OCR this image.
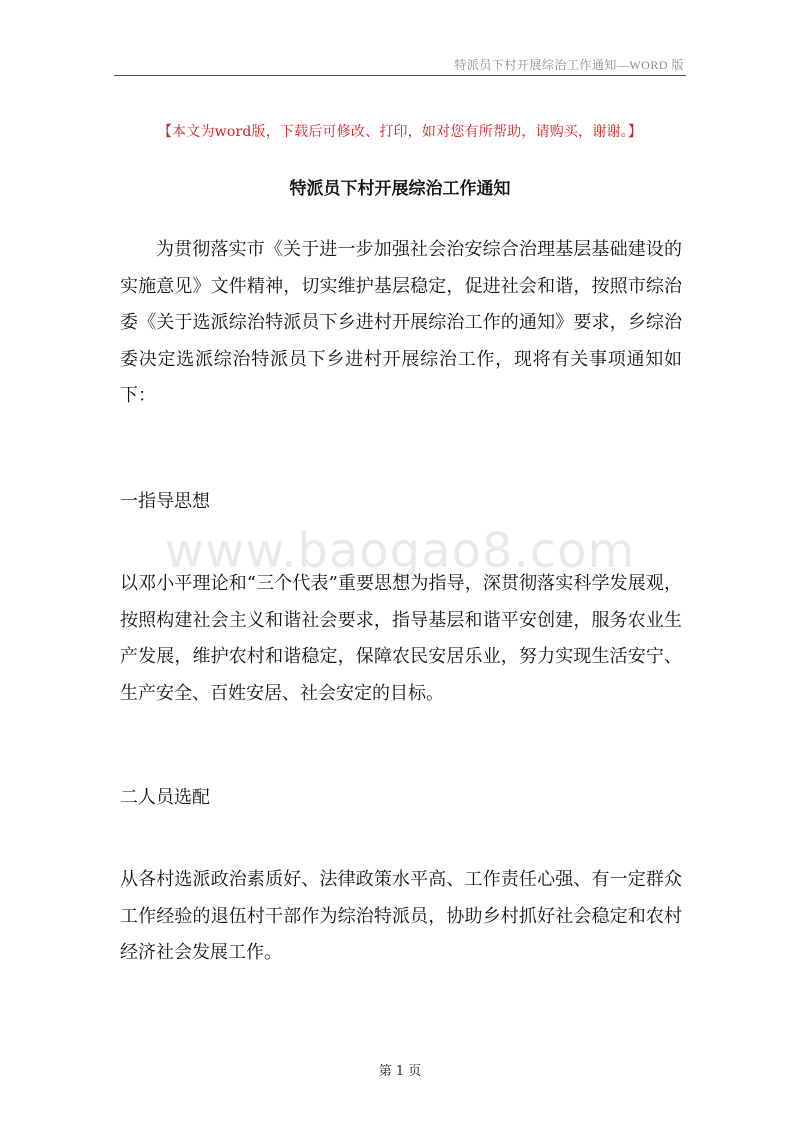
特派员下村开展综治工作通知—WORD 版
【本文为word版，下载后可修改、打印，如对您有所帮助，请购买，谢谢。】
特派员下村开展综治工作通知

为贯彻落实市《关于进一步加强社会治安综合治理基层基础建设的实施意见》文件精神，切实维护基层稳定，促进社会和谐，按照市综治委《关于选派综治特派员下乡进村开展综治工作的通知》要求，乡综治委决定选派综治特派员下乡进村开展综治工作，现将有关事项通知如下：

一指导思想

www.baogao8.com

以邓小平理论和“三个代表”重要思想为指导，深贯彻落实科学发展观，按照构建社会主义和谐社会要求，指导基层和谐平安创建，服务农业生产发展，维护农村和谐稳定，保障农民安居乐业，努力实现生活安宁、生产安全、百姓安居、社会安定的目标。

二人员选配

从各村选派政治素质好、法律政策水平高、工作责任心强、有一定群众工作经验的退伍村干部作为综治特派员，协助乡村抓好社会稳定和农村经济社会发展工作。

第 1 页
